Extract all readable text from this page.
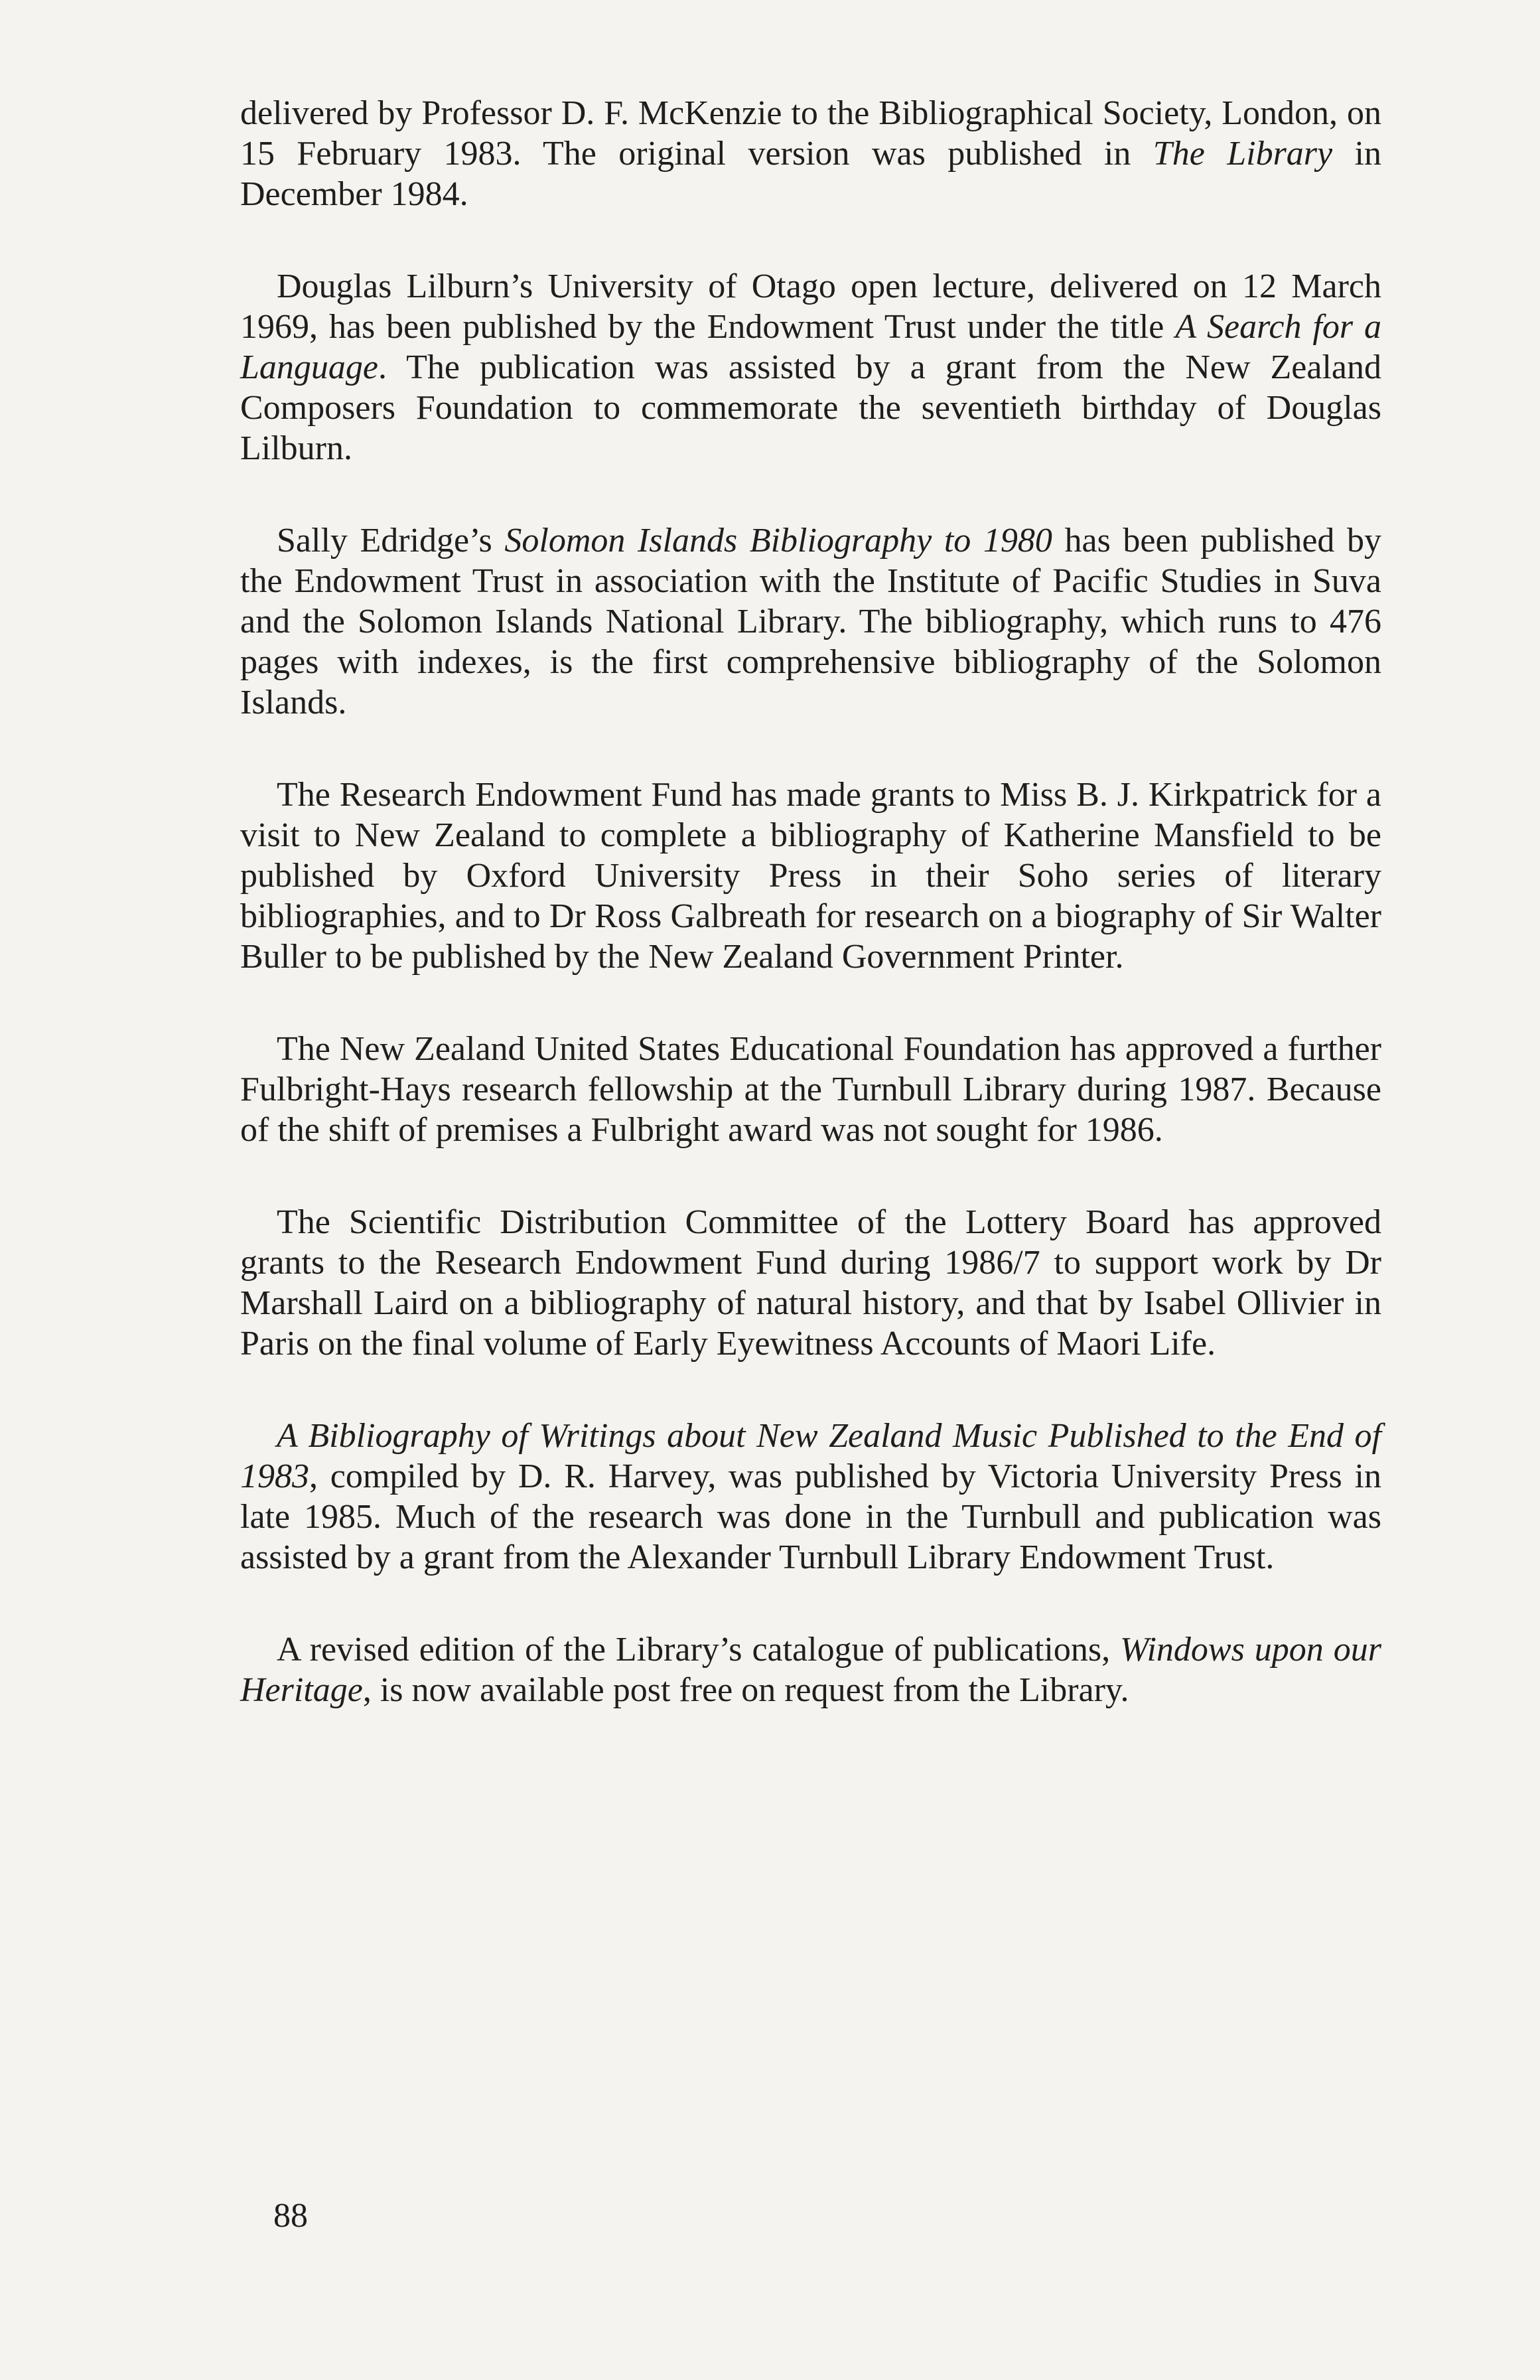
delivered by Professor D. F. McKenzie to the Bibliographical Society, London, on 15 February 1983. The original version was published in The Library in December 1984.

Douglas Lilburn’s University of Otago open lecture, delivered on 12 March 1969, has been published by the Endowment Trust under the title A Search for a Language. The publication was assisted by a grant from the New Zealand Composers Foundation to commemorate the seventieth birthday of Douglas Lilburn.

Sally Edridge’s Solomon Islands Bibliography to 1980 has been published by the Endowment Trust in association with the Institute of Pacific Studies in Suva and the Solomon Islands National Library. The bibliography, which runs to 476 pages with indexes, is the first comprehensive bibliography of the Solomon Islands.

The Research Endowment Fund has made grants to Miss B. J. Kirkpatrick for a visit to New Zealand to complete a bibliography of Katherine Mansfield to be published by Oxford University Press in their Soho series of literary bibliographies, and to Dr Ross Galbreath for research on a biography of Sir Walter Buller to be published by the New Zealand Government Printer.

The New Zealand United States Educational Foundation has approved a further Fulbright-Hays research fellowship at the Turnbull Library during 1987. Because of the shift of premises a Fulbright award was not sought for 1986.

The Scientific Distribution Committee of the Lottery Board has approved grants to the Research Endowment Fund during 1986/7 to support work by Dr Marshall Laird on a bibliography of natural history, and that by Isabel Ollivier in Paris on the final volume of Early Eyewitness Accounts of Maori Life.

A Bibliography of Writings about New Zealand Music Published to the End of 1983, compiled by D. R. Harvey, was published by Victoria University Press in late 1985. Much of the research was done in the Turnbull and publication was assisted by a grant from the Alexander Turnbull Library Endowment Trust.

A revised edition of the Library’s catalogue of publications, Windows upon our Heritage, is now available post free on request from the Library.

88
